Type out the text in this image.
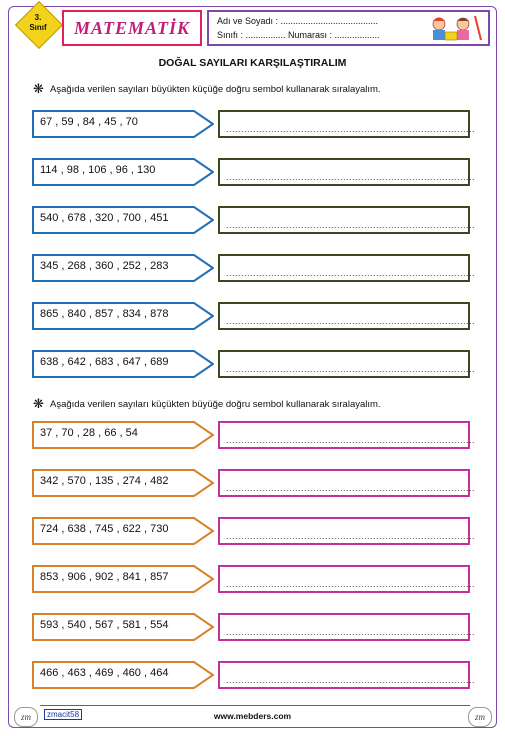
3.
Sınıf	MATEMATİK	Adı ve Soyadı : .......................................
Sınıfı : ................ Numarası : ..................
DOĞAL SAYILARI KARŞILAŞTIRALIM
❋ Aşağıda verilen sayıları büyükten küçüğe doğru sembol kullanarak sıralayalım.
67 , 59 , 84 , 45 , 70
...................................................................................
114 , 98 , 106 , 96 , 130
...................................................................................
540 , 678 , 320 , 700 , 451
...................................................................................
345 , 268 , 360 , 252 , 283
...................................................................................
865 , 840 , 857 , 834 , 878
...................................................................................
638 , 642 , 683 , 647 , 689
...................................................................................
❋ Aşağıda verilen sayıları küçükten büyüğe doğru sembol kullanarak sıralayalım.
37 , 70 , 28 , 66 , 54
...................................................................................
342 , 570 , 135 , 274 , 482
...................................................................................
724 , 638 , 745 , 622 , 730
...................................................................................
853 , 906 , 902 , 841 , 857
...................................................................................
593 , 540 , 567 , 581 , 554
...................................................................................
466 , 463 , 469 , 460 , 464
...................................................................................
zm	zmacit58	www.mebders.com	zm
